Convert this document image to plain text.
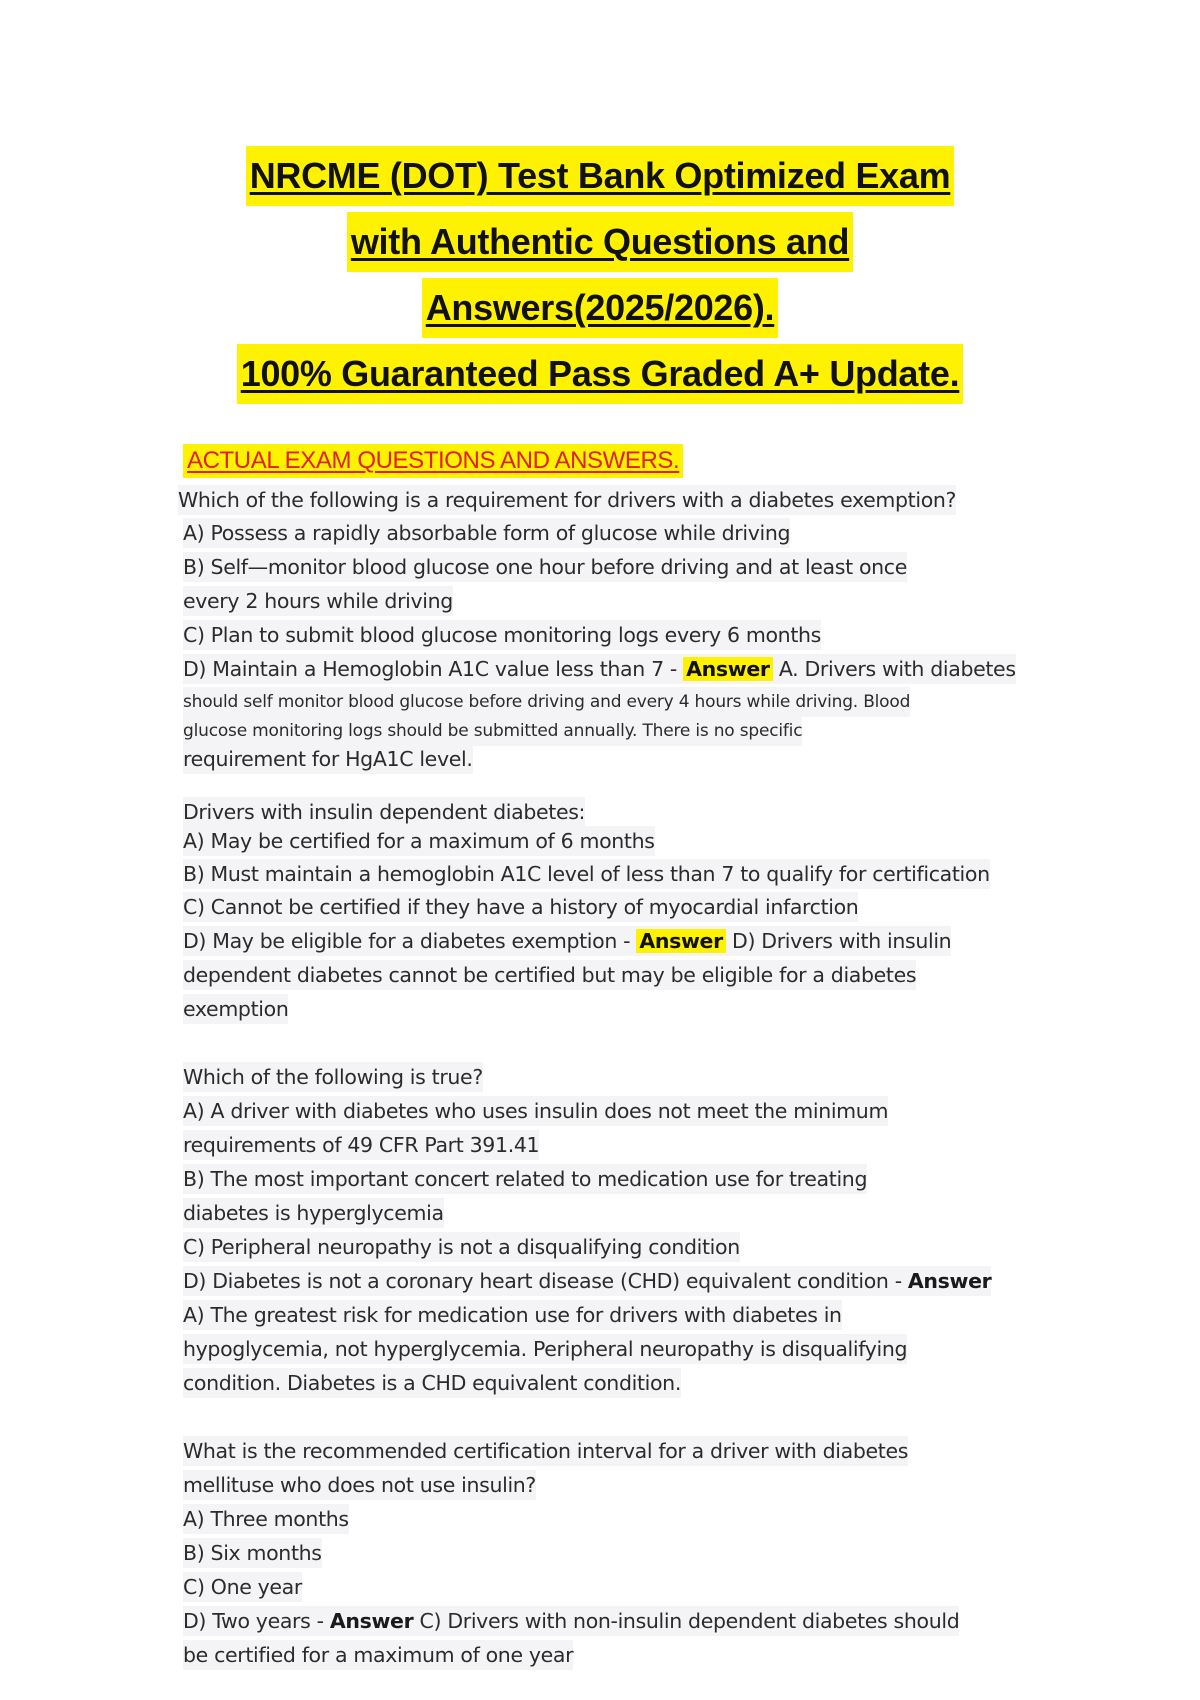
NRCME (DOT) Test Bank Optimized Exam
with Authentic Questions and
Answers(2025/2026).
100% Guaranteed Pass Graded A+ Update.
ACTUAL EXAM QUESTIONS AND ANSWERS.
Which of the following is a requirement for drivers with a diabetes exemption?
A) Possess a rapidly absorbable form of glucose while driving
B) Self—monitor blood glucose one hour before driving and at least once
every 2 hours while driving
C) Plan to submit blood glucose monitoring logs every 6 months
D) Maintain a Hemoglobin A1C value less than 7 - Answer A. Drivers with diabetes
should self monitor blood glucose before driving and every 4 hours while driving. Blood
glucose monitoring logs should be submitted annually. There is no specific
requirement for HgA1C level.
Drivers with insulin dependent diabetes:
A) May be certified for a maximum of 6 months
B) Must maintain a hemoglobin A1C level of less than 7 to qualify for certification
C) Cannot be certified if they have a history of myocardial infarction
D) May be eligible for a diabetes exemption - Answer D) Drivers with insulin
dependent diabetes cannot be certified but may be eligible for a diabetes
exemption
Which of the following is true?
A) A driver with diabetes who uses insulin does not meet the minimum
requirements of 49 CFR Part 391.41
B) The most important concert related to medication use for treating
diabetes is hyperglycemia
C) Peripheral neuropathy is not a disqualifying condition
D) Diabetes is not a coronary heart disease (CHD) equivalent condition - Answer
A) The greatest risk for medication use for drivers with diabetes in
hypoglycemia, not hyperglycemia. Peripheral neuropathy is disqualifying
condition. Diabetes is a CHD equivalent condition.
What is the recommended certification interval for a driver with diabetes
mellituse who does not use insulin?
A) Three months
B) Six months
C) One year
D) Two years - Answer C) Drivers with non-insulin dependent diabetes should
be certified for a maximum of one year
